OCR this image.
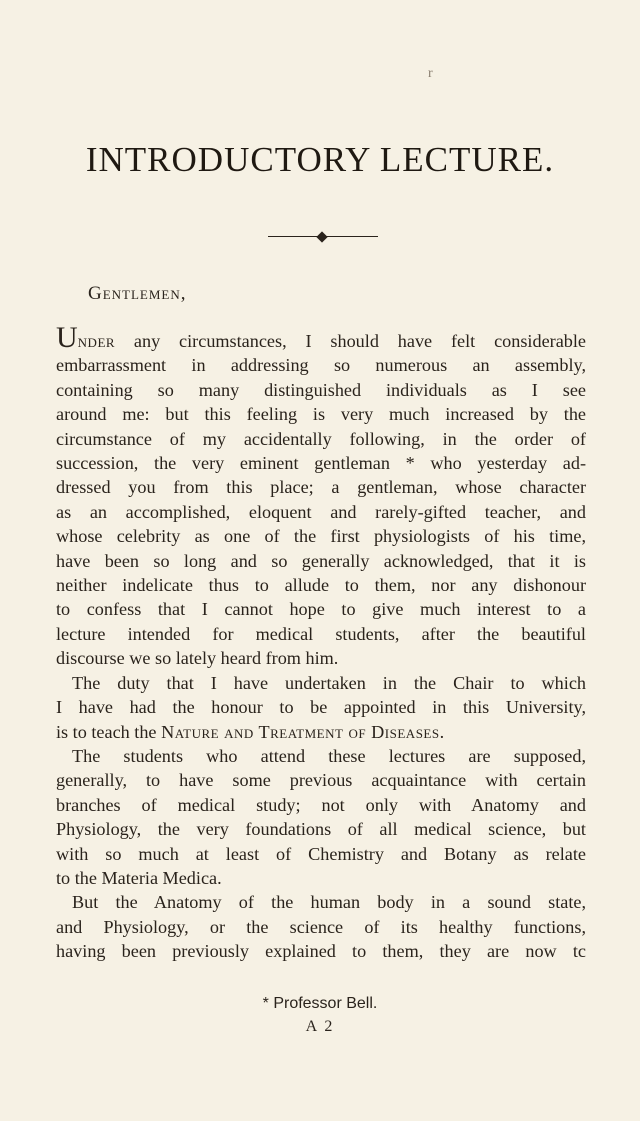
r
INTRODUCTORY LECTURE.

Gentlemen,

Under any circumstances, I should have felt considerable
embarrassment in addressing so numerous an assembly,
containing so many distinguished individuals as I see
around me: but this feeling is very much increased by the
circumstance of my accidentally following, in the order of
succession, the very eminent gentleman * who yesterday ad-
dressed you from this place; a gentleman, whose character
as an accomplished, eloquent and rarely-gifted teacher, and
whose celebrity as one of the first physiologists of his time,
have been so long and so generally acknowledged, that it is
neither indelicate thus to allude to them, nor any dishonour
to confess that I cannot hope to give much interest to a
lecture intended for medical students, after the beautiful
discourse we so lately heard from him.
The duty that I have undertaken in the Chair to which
I have had the honour to be appointed in this University,
is to teach the Nature and Treatment of Diseases.
The students who attend these lectures are supposed,
generally, to have some previous acquaintance with certain
branches of medical study; not only with Anatomy and
Physiology, the very foundations of all medical science, but
with so much at least of Chemistry and Botany as relate
to the Materia Medica.
But the Anatomy of the human body in a sound state,
and Physiology, or the science of its healthy functions,
having been previously explained to them, they are now tc

* Professor Bell.

A 2
